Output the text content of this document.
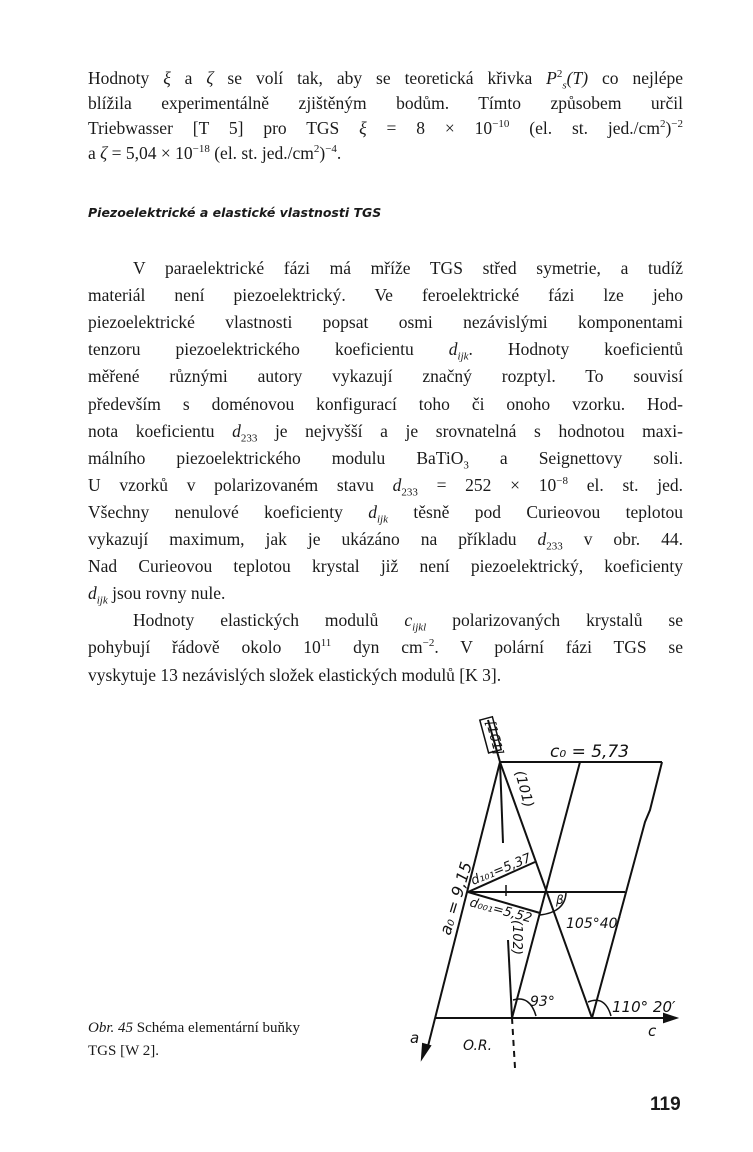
Hodnoty ξ a ζ se volí tak, aby se teoretická křivka $P^2_s(T)$ co nejlépe
blížila experimentálně zjištěným bodům. Tímto způsobem určil
Triebwasser [T 5] pro TGS $\xi = 8 \times 10^{-10}$ (el. st. $jed./cm^2)^{-2}$
a $\zeta = 5,04 \times 10^{-18}$ (el. st. $jed./cm^2)^{-4}$.
Piezoelektrické a elastické vlastnosti TGS
V paraelektrické fázi má mříže TGS střed symetrie, a tudíž
materiál není piezoelektrický. Ve feroelektrické fázi lze jeho
piezoelektrické vlastnosti popsat osmi nezávislými komponentami
tenzoru piezoelektrického koeficientu $d_{ijk}$. Hodnoty koeficientů
měřené různými autory vykazují značný rozptyl. To souvisí
především s doménovou konfigurací toho či onoho vzorku. Hod-
nota koeficientu $d_{233}$ je nejvyšší a je srovnatelná s hodnotou maxi-
málního piezoelektrického modulu BaTiO$_3$ a Seignettovy soli.
U vzorků v polarizovaném stavu $d_{233} = 252 \times 10^{-8}$ el. st. jed.
Všechny nenulové koeficienty $d_{ijk}$ těsně pod Curieovou teplotou
vykazují maximum, jak je ukázáno na příkladu $d_{233}$ v obr. 44.
Nad Curieovou teplotou krystal již není piezoelektrický, koeficienty
$d_{ijk}$ jsou rovny nule.
Hodnoty elastických modulů $c_{ijkl}$ polarizovaných krystalů se
pohybují řádově okolo $10^{11}$ dyn $cm^{-2}$. V polární fázi TGS se
vyskytuje 13 nezávislých složek elastických modulů [K 3].
c₀ = 5,73
[10̄1]
(101)
d₁₀₁=5,37
a₀ = 9,15
d₀₀₁=5,52 β
105°40′
(102)
93°	110° 20′
a	O.R.
c
Obr. 45 Schéma elementární buňky
TGS [W 2].
119
